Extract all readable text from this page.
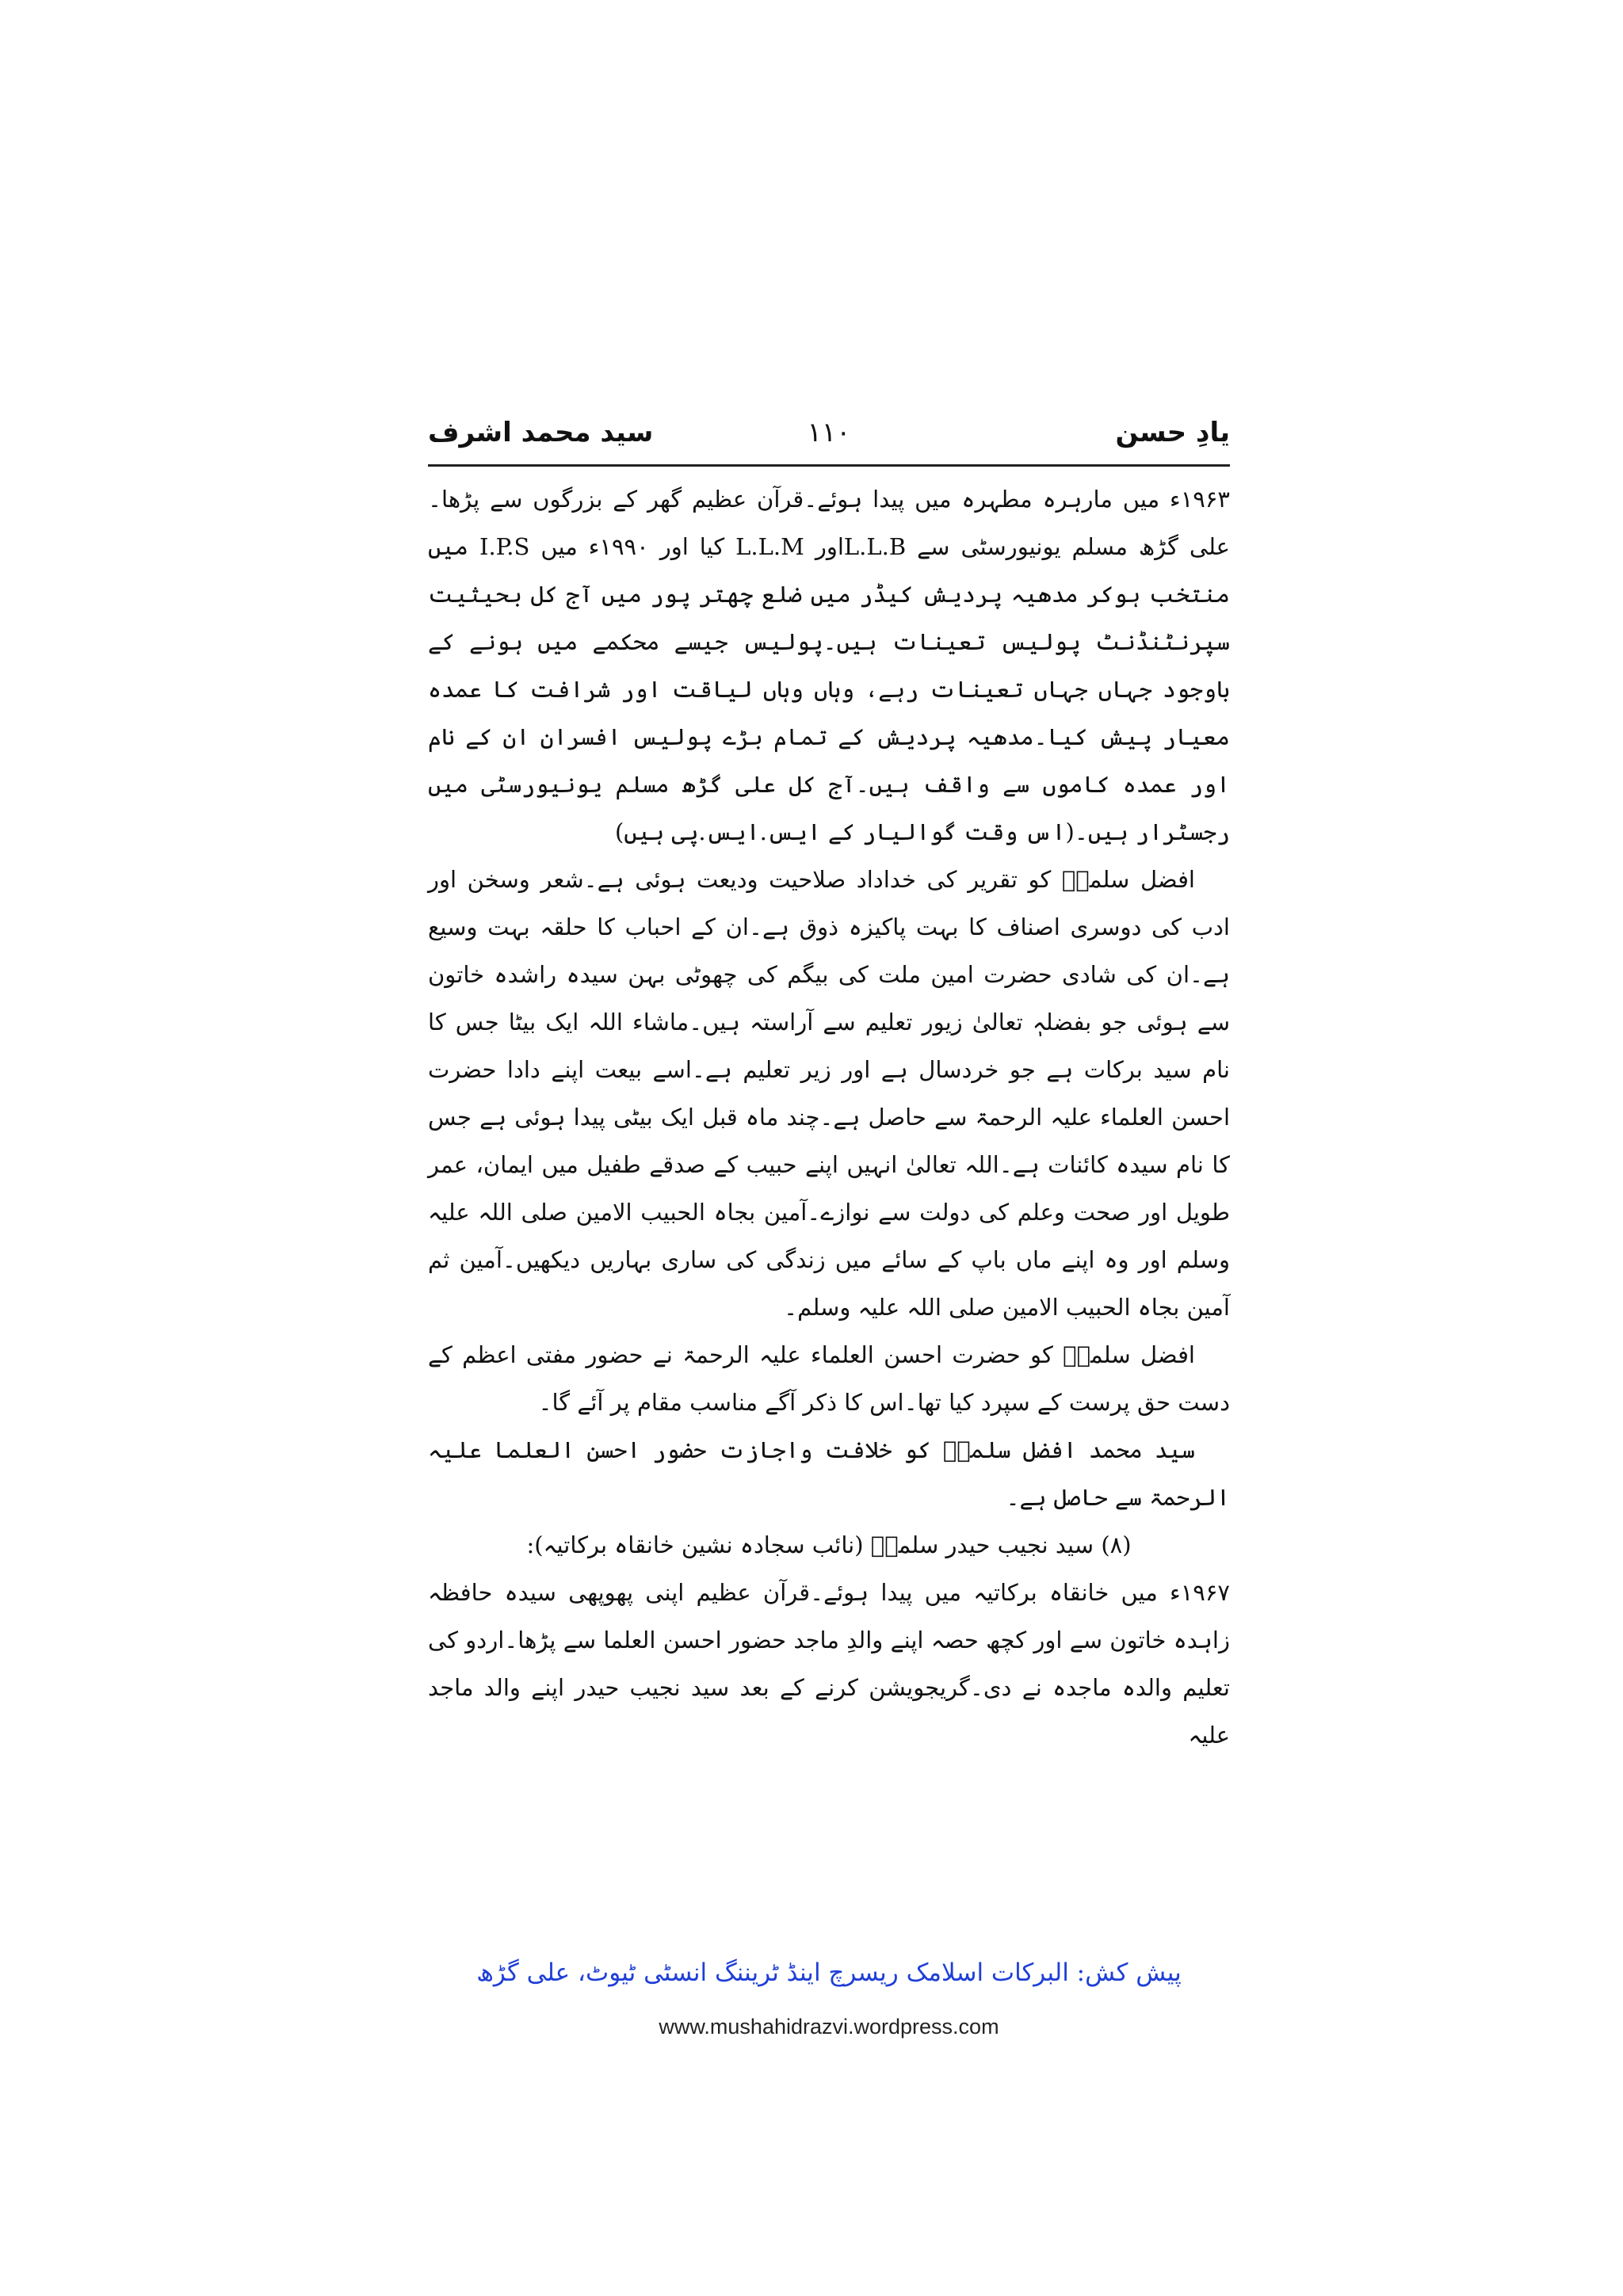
یادِ حسن
۱۱۰
سید محمد اشرف

۱۹۶۳ء میں مارہرہ مطہرہ میں پیدا ہوئے۔قرآن عظیم گھر کے بزرگوں سے پڑھا۔علی گڑھ مسلم یونیورسٹی سے L.L.Bاور L.L.M کیا اور ۱۹۹۰ء میں I.P.S میں منتخب ہوکر مدھیہ پردیش کیڈر میں ضلع چھتر پور میں آج کل بحیثیت سپرنٹنڈنٹ پولیس تعینات ہیں۔پولیس جیسے محکمے میں ہونے کے باوجود جہاں جہاں تعینات رہے، وہاں وہاں لیاقت اور شرافت کا عمدہ معیار پیش کیا۔مدھیہ پردیش کے تمام بڑے پولیس افسران ان کے نام اور عمدہ کاموں سے واقف ہیں۔آج کل علی گڑھ مسلم یونیورسٹی میں رجسٹرار ہیں۔(اس وقت گوالیار کے ایس.ایس.پی ہیں)

افضل سلمہٗ کو تقریر کی خداداد صلاحیت ودیعت ہوئی ہے۔شعر وسخن اور ادب کی دوسری اصناف کا بہت پاکیزہ ذوق ہے۔ان کے احباب کا حلقہ بہت وسیع ہے۔ان کی شادی حضرت امین ملت کی بیگم کی چھوٹی بہن سیدہ راشدہ خاتون سے ہوئی جو بفضلہٖ تعالیٰ زیور تعلیم سے آراستہ ہیں۔ماشاء اللہ ایک بیٹا جس کا نام سید برکات ہے جو خردسال ہے اور زیر تعلیم ہے۔اسے بیعت اپنے دادا حضرت احسن العلماء علیہ الرحمۃ سے حاصل ہے۔چند ماہ قبل ایک بیٹی پیدا ہوئی ہے جس کا نام سیدہ کائنات ہے۔اللہ تعالیٰ انہیں اپنے حبیب کے صدقے طفیل میں ایمان، عمر طویل اور صحت وعلم کی دولت سے نوازے۔آمین بجاہ الحبیب الامین صلی اللہ علیہ وسلم اور وہ اپنے ماں باپ کے سائے میں زندگی کی ساری بہاریں دیکھیں۔آمین ثم آمین بجاہ الحبیب الامین صلی اللہ علیہ وسلم۔

افضل سلمہٗ کو حضرت احسن العلماء علیہ الرحمۃ نے حضور مفتی اعظم کے دست حق پرست کے سپرد کیا تھا۔اس کا ذکر آگے مناسب مقام پر آئے گا۔

سید محمد افضل سلمہٗ کو خلافت واجازت حضور احسن العلما علیہ الرحمۃ سے حاصل ہے۔

(۸) سید نجیب حیدر سلمہٗ (نائب سجادہ نشین خانقاہ برکاتیہ):

۱۹۶۷ء میں خانقاہ برکاتیہ میں پیدا ہوئے۔قرآن عظیم اپنی پھوپھی سیدہ حافظہ زاہدہ خاتون سے اور کچھ حصہ اپنے والدِ ماجد حضور احسن العلما سے پڑھا۔اردو کی تعلیم والدہ ماجدہ نے دی۔گریجویشن کرنے کے بعد سید نجیب حیدر اپنے والد ماجد علیہ

پیش کش: البرکات اسلامک ریسرچ اینڈ ٹریننگ انسٹی ٹیوٹ، علی گڑھ
www.mushahidrazvi.wordpress.com
